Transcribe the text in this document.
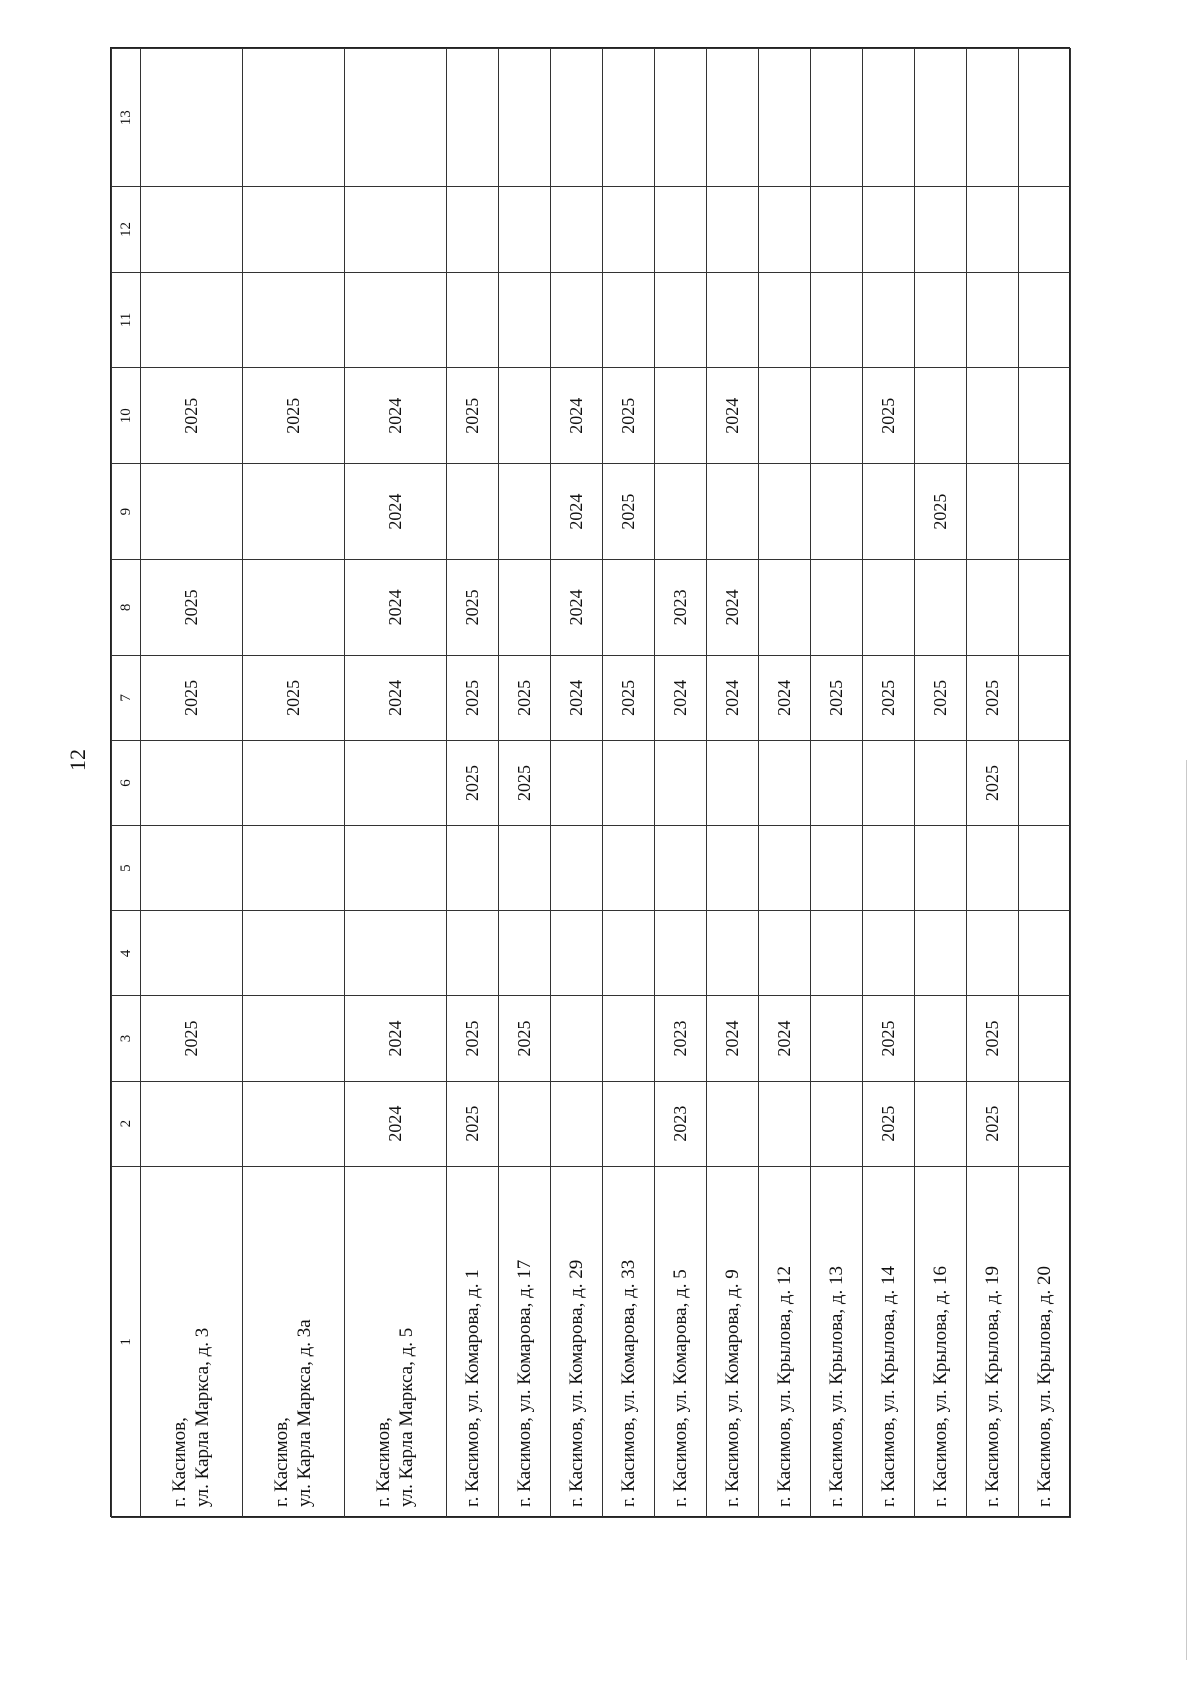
12
1	2	3	4	5	6	7	8	9	10	11	12	13

г. Касимов, ул. Карла Маркса, д. 3		2025				2025	2025		2025			

г. Касимов, ул. Карла Маркса, д. 3а						2025			2025			

г. Касимов, ул. Карла Маркса, д. 5	2024	2024				2024	2024	2024	2024			

г. Касимов, ул. Комарова, д. 1	2025	2025			2025	2025	2025		2025			

г. Касимов, ул. Комарова, д. 17		2025			2025	2025						

г. Касимов, ул. Комарова, д. 29						2024	2024	2024	2024			

г. Касимов, ул. Комарова, д. 33						2025		2025	2025			

г. Касимов, ул. Комарова, д. 5	2023	2023				2024	2023					

г. Касимов, ул. Комарова, д. 9		2024				2024	2024		2024			

г. Касимов, ул. Крылова, д. 12		2024				2024						

г. Касимов, ул. Крылова, д. 13						2025						

г. Касимов, ул. Крылова, д. 14	2025	2025				2025			2025			

г. Касимов, ул. Крылова, д. 16						2025		2025				

г. Касимов, ул. Крылова, д. 19	2025	2025			2025	2025						

г. Касимов, ул. Крылова, д. 20												
